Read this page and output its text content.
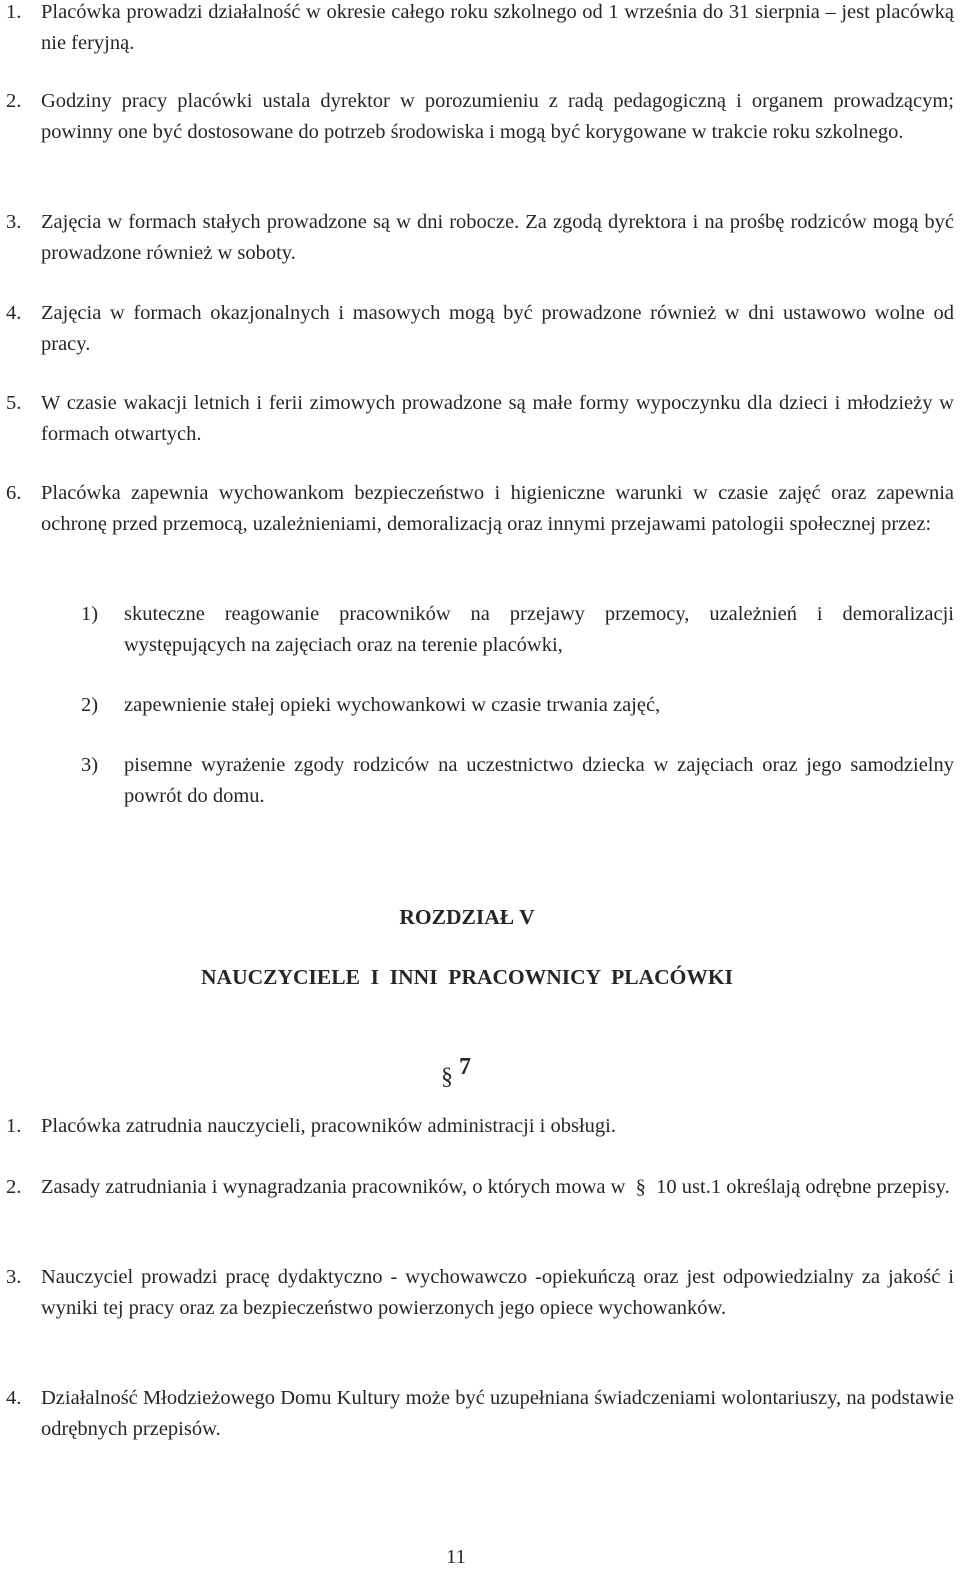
1. Placówka prowadzi działalność w okresie całego roku szkolnego od 1 września do 31 sierpnia – jest placówką nie feryjną.
2. Godziny pracy placówki ustala dyrektor w porozumieniu z radą pedagogiczną i organem prowadzącym; powinny one być dostosowane do potrzeb środowiska i mogą być korygowane w trakcie roku szkolnego.
3. Zajęcia w formach stałych prowadzone są w dni robocze. Za zgodą dyrektora i na prośbę rodziców mogą być prowadzone również w soboty.
4. Zajęcia w formach okazjonalnych i masowych mogą być prowadzone również w dni ustawowo wolne od pracy.
5. W czasie wakacji letnich i ferii zimowych prowadzone są małe formy wypoczynku dla dzieci i młodzieży w formach otwartych.
6. Placówka zapewnia wychowankom bezpieczeństwo i higieniczne warunki w czasie zajęć oraz zapewnia ochronę przed przemocą, uzależnieniami, demoralizacją oraz innymi przejawami patologii społecznej przez:
1) skuteczne reagowanie pracowników na przejawy przemocy, uzależnień i demoralizacji występujących na zajęciach oraz na terenie placówki,
2) zapewnienie stałej opieki wychowankowi w czasie trwania zajęć,
3) pisemne wyrażenie zgody rodziców na uczestnictwo dziecka w zajęciach oraz jego samodzielny powrót do domu.
ROZDZIAŁ V
NAUCZYCIELE  I  INNI  PRACOWNICY  PLACÓWKI
§ 7
1. Placówka zatrudnia nauczycieli, pracowników administracji i obsługi.
2. Zasady zatrudniania i wynagradzania pracowników, o których mowa w  §  10 ust.1 określają odrębne przepisy.
3. Nauczyciel prowadzi pracę dydaktyczno - wychowawczo -opiekuńczą oraz jest odpowiedzialny za jakość i wyniki tej pracy oraz za bezpieczeństwo powierzonych jego opiece wychowanków.
4. Działalność Młodzieżowego Domu Kultury może być uzupełniana świadczeniami wolontariuszy, na podstawie odrębnych przepisów.
11
